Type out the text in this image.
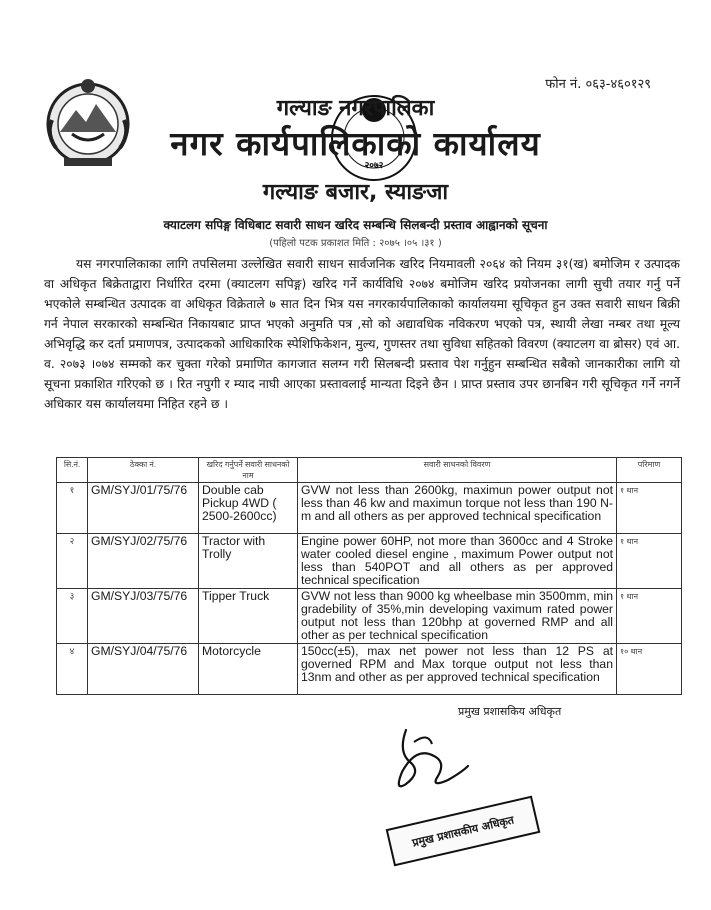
२०७२
फोन नं. ०६३-४६०१२९
गल्याङ नगरपालिका
नगर कार्यपालिकाको कार्यालय
गल्याङ बजार, स्याङजा
क्याटलग सपिङ्ग विधिबाट सवारी साधन खरिद सम्बन्धि सिलबन्दी प्रस्ताव आह्वानको सूचना
(पहिलो पटक प्रकाशत मिति : २०७५ ।०५ ।३१ )
यस नगरपालिकाका लागि तपसिलमा उल्लेखित सवारी साधन सार्वजनिक खरिद नियमावली २०६४ को नियम ३१(ख) बमोजिम र उत्पादक वा अधिकृत बिक्रेताद्वारा निर्धारित दरमा (क्याटलग सपिङ्ग) खरिद गर्ने कार्यविधि २०७४ बमोजिम खरिद प्रयोजनका लागी सुची तयार गर्नु पर्ने भएकोले सम्बन्धित उत्पादक वा अधिकृत विक्रेताले ७ सात दिन भित्र यस नगरकार्यपालिकाको कार्यालयमा सूचिकृत हुन उक्त सवारी साधन बिक्री गर्न नेपाल सरकारको सम्बन्धित निकायबाट प्राप्त भएको अनुमति पत्र ,सो को अद्यावधिक नविकरण भएको पत्र, स्थायी लेखा नम्बर तथा मूल्य अभिवृद्धि कर दर्ता प्रमाणपत्र, उत्पादकको आधिकारिक स्पेशिफिकेशन, मुल्य, गुणस्तर तथा सुविधा सहितको विवरण (क्याटलग वा ब्रोसर) एवं आ. व. २०७३ ।०७४ सम्मको कर चुक्ता गरेको प्रमाणित कागजात सलग्न गरी सिलबन्दी प्रस्ताव पेश गर्नुहुन सम्बन्धित सबैको जानकारीका लागि यो सूचना प्रकाशित गरिएको छ । रित नपुगी र म्याद नाघी आएका प्रस्तावलाई मान्यता दिइने छैन । प्राप्त प्रस्ताव उपर छानबिन गरी सूचिकृत गर्ने नगर्ने अधिकार यस कार्यालयमा निहित रहने छ ।
सि.नं.	ठेक्का नं.	खरिद गर्नुपर्ने सवारी साधनको नाम	सवारी साधनको विवरण	परिमाण
१	GM/SYJ/01/75/76	Double cab Pickup 4WD ( 2500-2600cc)	GVW not less than 2600kg, maximun power output not less than 46 kw and maximun torque not less than 190 N-m and all others as per approved technical specification	१ थान
२	GM/SYJ/02/75/76	Tractor with Trolly	Engine power 60HP, not more than 3600cc and 4 Stroke water cooled diesel engine , maximum Power output not less than 540POT and all others as per approved technical specification	१ थान
३	GM/SYJ/03/75/76	Tipper Truck	GVW not less than 9000 kg wheelbase min 3500mm, min gradebility of 35%,min developing vaximum rated power output not less than 120bhp at governed RMP and all other as per technical specification	१ थान
४	GM/SYJ/04/75/76	Motorcycle	150cc(±5), max net power not less than 12 PS at governed RPM and Max torque output not less than 13nm and other as per approved technical specification	१० थान
प्रमुख प्रशासकिय अधिकृत
प्रमुख प्रशासकीय अधिकृत
